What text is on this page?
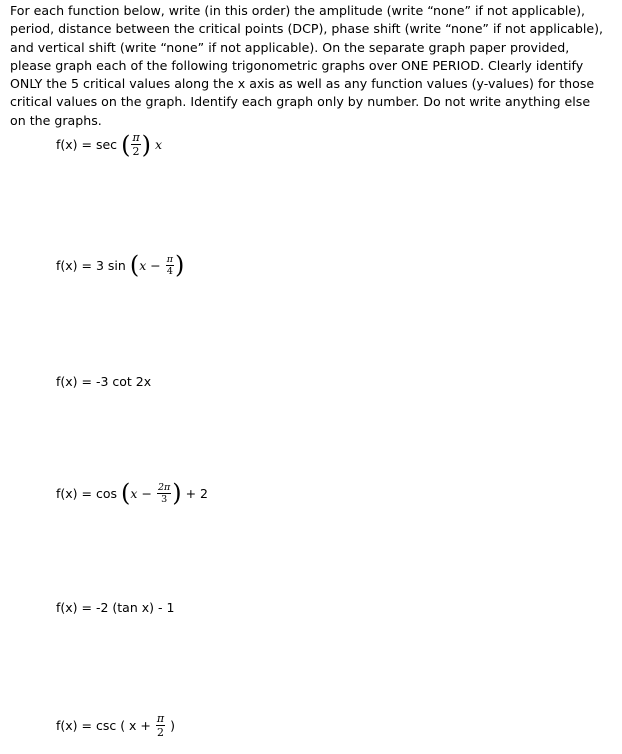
For each function below, write (in this order) the amplitude (write “none” if not applicable), period, distance between the critical points (DCP), phase shift (write “none” if not applicable), and vertical shift (write “none” if not applicable). On the separate graph paper provided, please graph each of the following trigonometric graphs over ONE PERIOD. Clearly identify ONLY the 5 critical values along the x axis as well as any function values (y-values) for those critical values on the graph. Identify each graph only by number. Do not write anything else on the graphs.

f(x) = sec ( $\frac{\pi}{2}$ ) x
f(x) = 3 sin ( $x - \frac{\pi}{4}$ )
f(x) = -3 cot 2x
f(x) = cos ( $x - \frac{2\pi}{3}$ ) + 2
f(x) = -2 (tan x) - 1
f(x) = csc ( $x + \frac{\pi}{2}$ )
